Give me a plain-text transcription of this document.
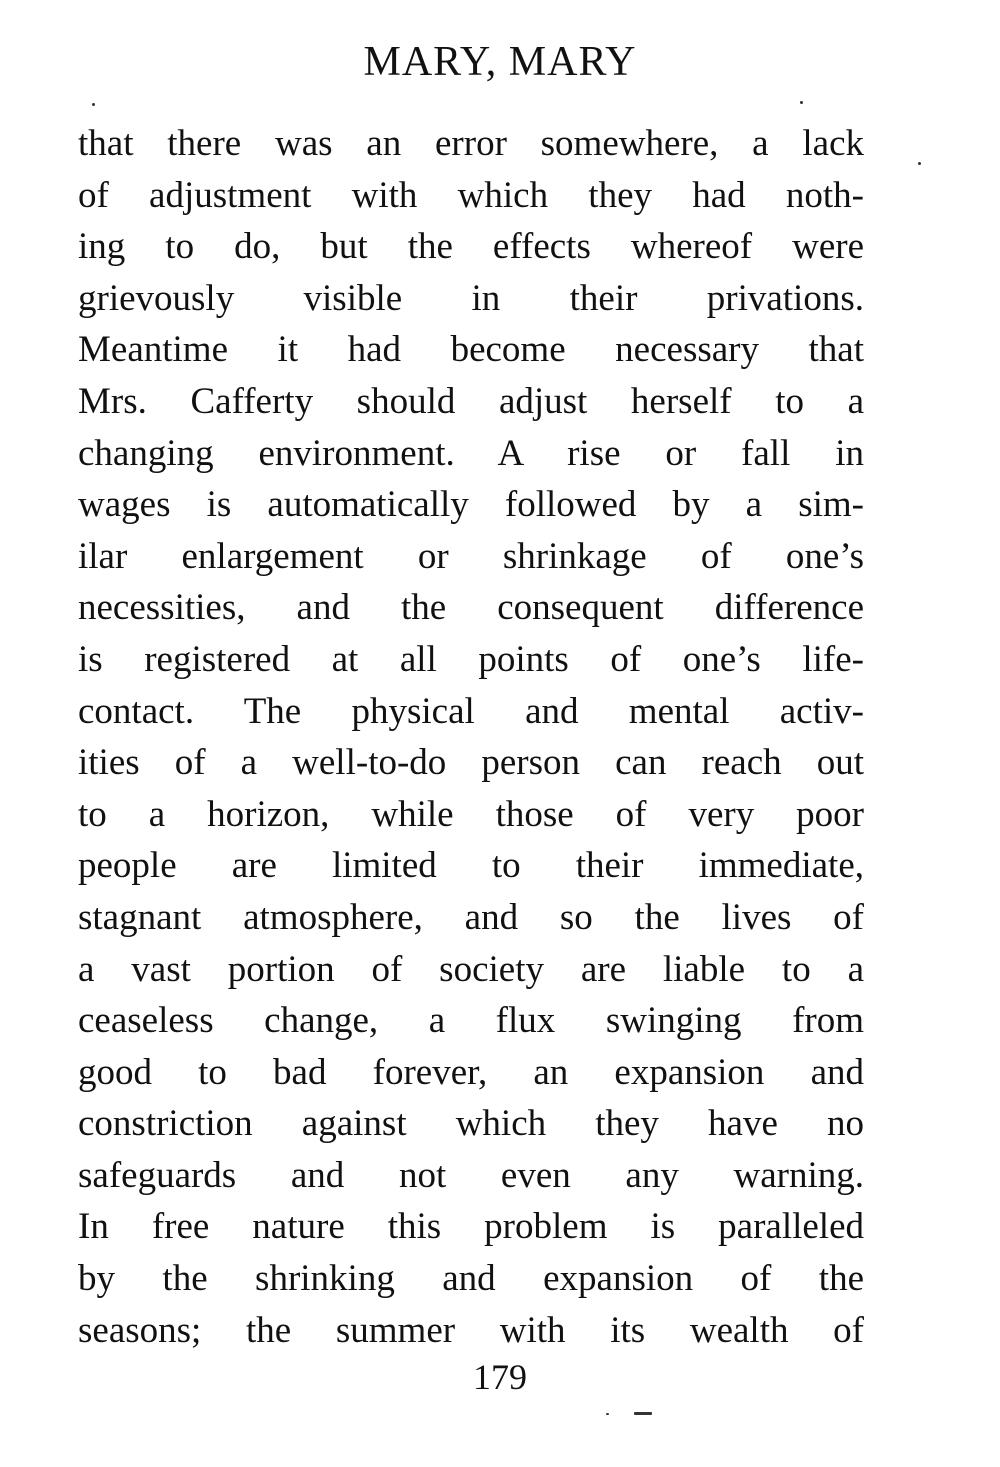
MARY, MARY
that there was an error somewhere, a lack
of adjustment with which they had noth-
ing to do, but the effects whereof were
grievously visible in their privations.
Meantime it had become necessary that
Mrs. Cafferty should adjust herself to a
changing environment. A rise or fall in
wages is automatically followed by a sim-
ilar enlargement or shrinkage of one’s
necessities, and the consequent difference
is registered at all points of one’s life-
contact. The physical and mental activ-
ities of a well-to-do person can reach out
to a horizon, while those of very poor
people are limited to their immediate,
stagnant atmosphere, and so the lives of
a vast portion of society are liable to a
ceaseless change, a flux swinging from
good to bad forever, an expansion and
constriction against which they have no
safeguards and not even any warning.
In free nature this problem is paralleled
by the shrinking and expansion of the
seasons; the summer with its wealth of
179
